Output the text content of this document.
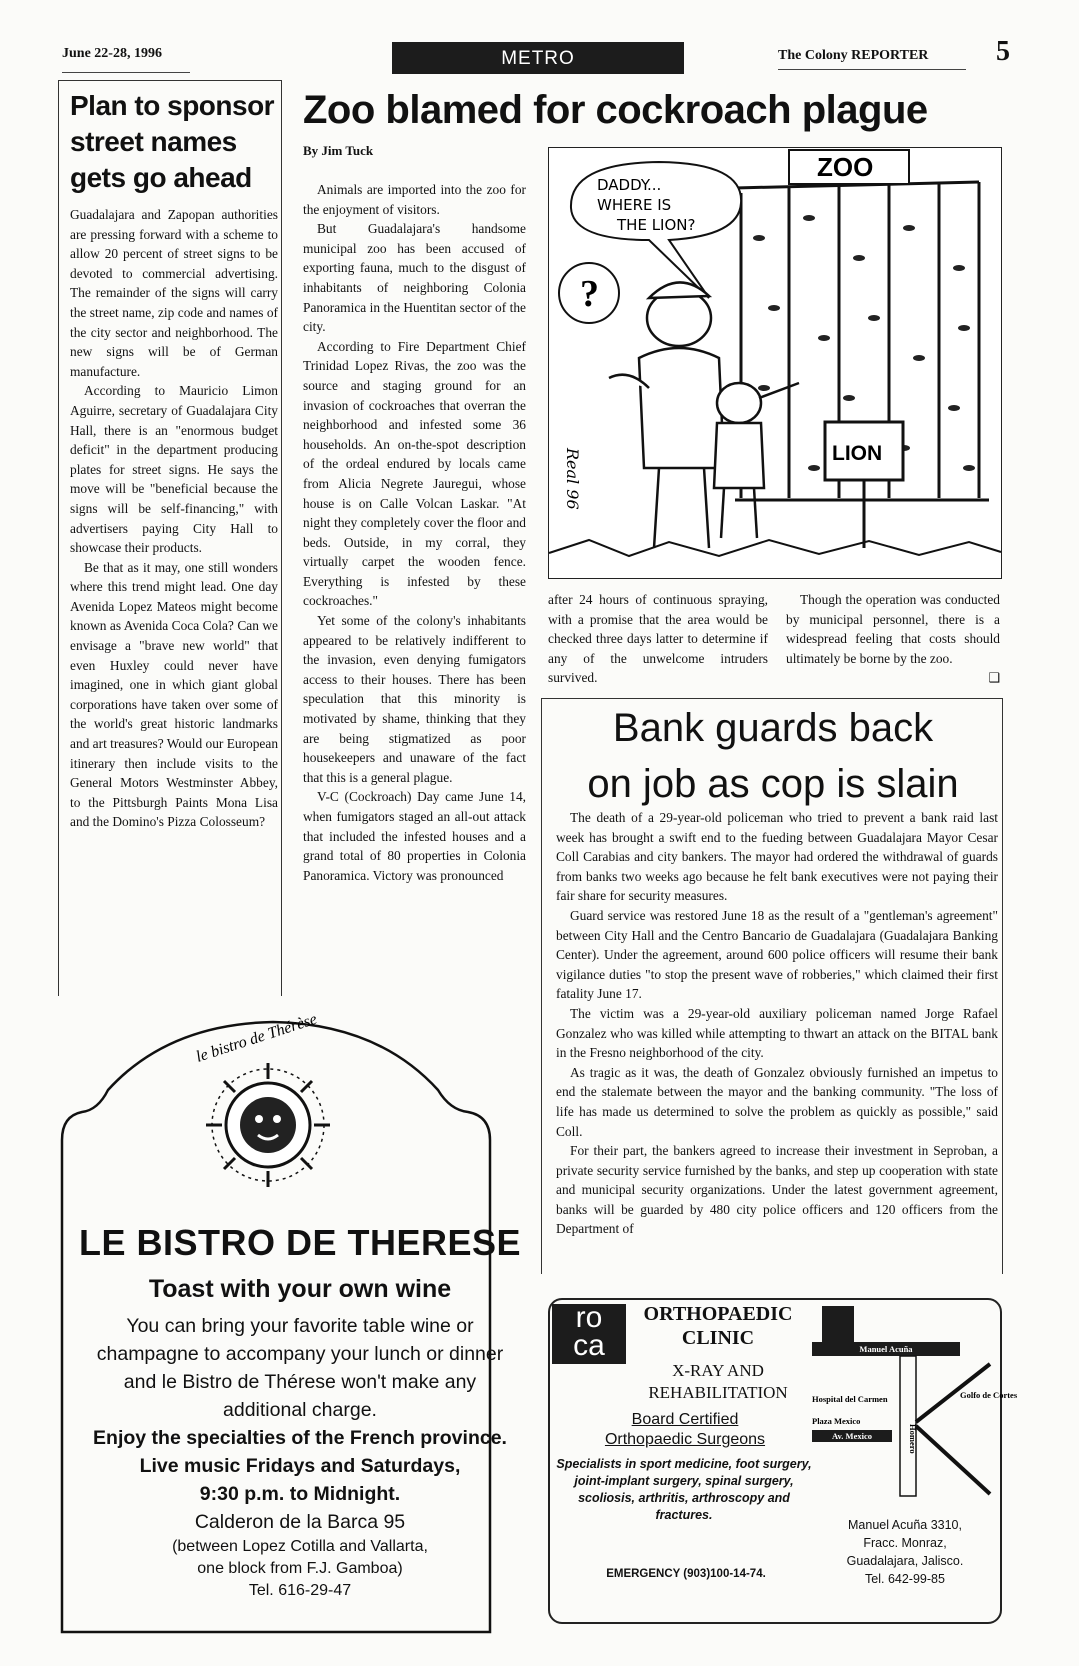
June 22-28, 1996	METRO	The Colony REPORTER 5
Plan to sponsor street names gets go ahead

Guadalajara and Zapopan authorities are pressing forward with a scheme to allow 20 percent of street signs to be devoted to commercial advertising. The remainder of the signs will carry the street name, zip code and names of the city sector and neighborhood. The new signs will be of German manufacture.

According to Mauricio Limon Aguirre, secretary of Guadalajara City Hall, there is an "enormous budget deficit" in the department producing plates for street signs. He says the move will be "beneficial because the signs will be self-financing," with advertisers paying City Hall to showcase their products.

Be that as it may, one still wonders where this trend might lead. One day Avenida Lopez Mateos might become known as Avenida Coca Cola? Can we envisage a "brave new world" that even Huxley could never have imagined, one in which giant global corporations have taken over some of the world's great historic landmarks and art treasures? Would our European itinerary then include visits to the General Motors Westminster Abbey, to the Pittsburgh Paints Mona Lisa and the Domino's Pizza Colosseum?

Zoo blamed for cockroach plague
By Jim Tuck

Animals are imported into the zoo for the enjoyment of visitors.

But Guadalajara's handsome municipal zoo has been accused of exporting fauna, much to the disgust of inhabitants of neighboring Colonia Panoramica in the Huentitan sector of the city.

According to Fire Department Chief Trinidad Lopez Rivas, the zoo was the source and staging ground for an invasion of cockroaches that overran the neighborhood and infested some 36 households. An on-the-spot description of the ordeal endured by locals came from Alicia Negrete Jauregui, whose house is on Calle Volcan Laskar. "At night they completely cover the floor and beds. Outside, in my corral, they virtually carpet the wooden fence. Everything is infested by these cockroaches."

Yet some of the colony's inhabitants appeared to be relatively indifferent to the invasion, even denying fumigators access to their houses. There has been speculation that this minority is motivated by shame, thinking that they are being stigmatized as poor housekeepers and unaware of the fact that this is a general plague.

V-C (Cockroach) Day came June 14, when fumigators staged an all-out attack that included the infested houses and a grand total of 80 properties in Colonia Panoramica. Victory was pronounced

ZOO
DADDY...
WHERE IS
THE LION?
?
LION
Real 96

after 24 hours of continuous spraying, with a promise that the area would be checked three days latter to determine if any of the unwelcome intruders survived.

Though the operation was conducted by municipal personnel, there is a widespread feeling that costs should ultimately be borne by the zoo.

❑
Bank guards back
on job as cop is slain

The death of a 29-year-old policeman who tried to prevent a bank raid last week has brought a swift end to the fueding between Guadalajara Mayor Cesar Coll Carabias and city bankers. The mayor had ordered the withdrawal of guards from banks two weeks ago because he felt bank executives were not paying their fair share for security measures.

Guard service was restored June 18 as the result of a "gentleman's agreement" between City Hall and the Centro Bancario de Guadalajara (Guadalajara Banking Center). Under the agreement, around 600 police officers will resume their bank vigilance duties "to stop the present wave of robberies," which claimed their first fatality June 17.

The victim was a 29-year-old auxiliary policeman named Jorge Rafael Gonzalez who was killed while attempting to thwart an attack on the BITAL bank in the Fresno neighborhood of the city.

As tragic as it was, the death of Gonzalez obviously furnished an impetus to end the stalemate between the mayor and the banking community. "The loss of life has made us determined to solve the problem as quickly as possible," said Coll.

For their part, the bankers agreed to increase their investment in Seproban, a private security service furnished by the banks, and step up cooperation with state and municipal security organizations. Under the latest government agreement, banks will be guarded by 480 city police officers and 120 officers from the Department of

le bistro de Thérèse
LE BISTRO DE THERESE
Toast with your own wine
You can bring your favorite table wine or champagne to accompany your lunch or dinner and le Bistro de Thérese won't make any additional charge.
Enjoy the specialties of the French province.
Live music Fridays and Saturdays,
9:30 p.m. to Midnight.
Calderon de la Barca 95
(between Lopez Cotilla and Vallarta,
one block from F.J. Gamboa)
Tel. 616-29-47
ro
ca
ORTHOPAEDIC
CLINIC
X-RAY AND
REHABILITATION
Board Certified
Orthopaedic Surgeons
Specialists in sport medicine, foot surgery, joint-implant surgery, spinal surgery, scoliosis, arthritis, arthroscopy and fractures.
EMERGENCY (903)100-14-74.
Manuel Acuña
Homero
Hospital del Carmen
Plaza Mexico
Av. Mexico
Golfo de Cortes
Manuel Acuña 3310,
Fracc. Monraz,
Guadalajara, Jalisco.
Tel. 642-99-85
